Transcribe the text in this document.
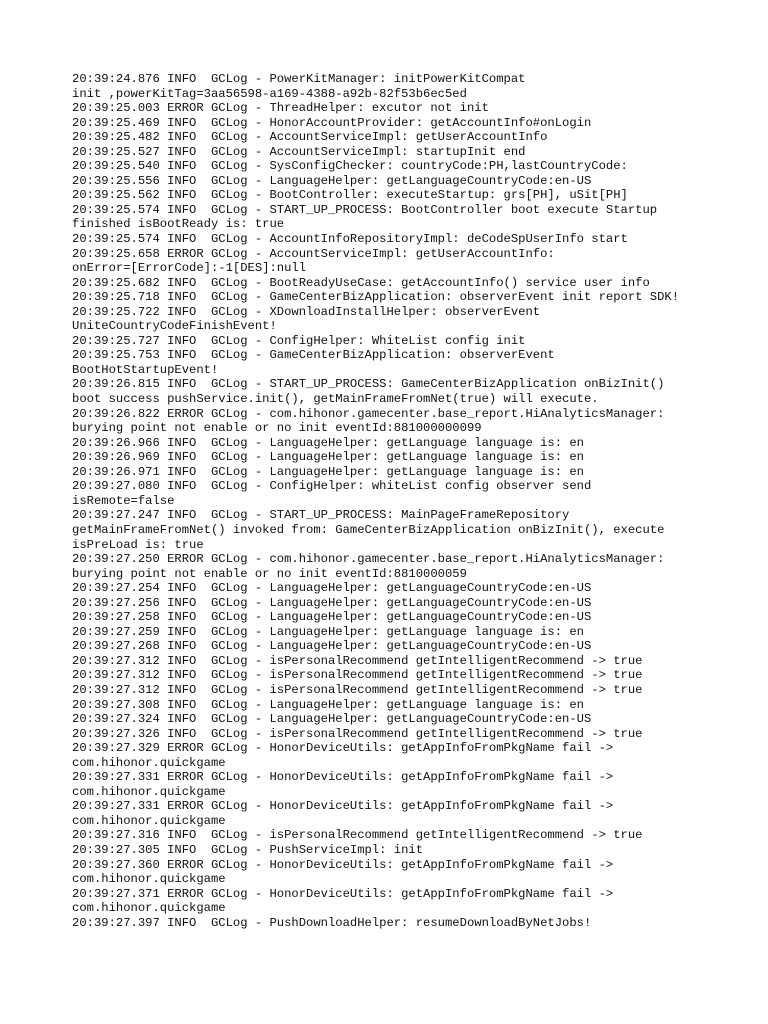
20:39:24.876 INFO  GCLog - PowerKitManager: initPowerKitCompat
init ,powerKitTag=3aa56598-a169-4388-a92b-82f53b6ec5ed
20:39:25.003 ERROR GCLog - ThreadHelper: excutor not init
20:39:25.469 INFO  GCLog - HonorAccountProvider: getAccountInfo#onLogin
20:39:25.482 INFO  GCLog - AccountServiceImpl: getUserAccountInfo
20:39:25.527 INFO  GCLog - AccountServiceImpl: startupInit end
20:39:25.540 INFO  GCLog - SysConfigChecker: countryCode:PH,lastCountryCode:
20:39:25.556 INFO  GCLog - LanguageHelper: getLanguageCountryCode:en-US
20:39:25.562 INFO  GCLog - BootController: executeStartup: grs[PH], uSit[PH]
20:39:25.574 INFO  GCLog - START_UP_PROCESS: BootController boot execute Startup
finished isBootReady is: true
20:39:25.574 INFO  GCLog - AccountInfoRepositoryImpl: deCodeSpUserInfo start
20:39:25.658 ERROR GCLog - AccountServiceImpl: getUserAccountInfo:
onError=[ErrorCode]:-1[DES]:null
20:39:25.682 INFO  GCLog - BootReadyUseCase: getAccountInfo() service user info
20:39:25.718 INFO  GCLog - GameCenterBizApplication: observerEvent init report SDK!
20:39:25.722 INFO  GCLog - XDownloadInstallHelper: observerEvent
UniteCountryCodeFinishEvent!
20:39:25.727 INFO  GCLog - ConfigHelper: WhiteList config init
20:39:25.753 INFO  GCLog - GameCenterBizApplication: observerEvent
BootHotStartupEvent!
20:39:26.815 INFO  GCLog - START_UP_PROCESS: GameCenterBizApplication onBizInit()
boot success pushService.init(), getMainFrameFromNet(true) will execute.
20:39:26.822 ERROR GCLog - com.hihonor.gamecenter.base_report.HiAnalyticsManager:
burying point not enable or no init eventId:881000000099
20:39:26.966 INFO  GCLog - LanguageHelper: getLanguage language is: en
20:39:26.969 INFO  GCLog - LanguageHelper: getLanguage language is: en
20:39:26.971 INFO  GCLog - LanguageHelper: getLanguage language is: en
20:39:27.080 INFO  GCLog - ConfigHelper: whiteList config observer send
isRemote=false
20:39:27.247 INFO  GCLog - START_UP_PROCESS: MainPageFrameRepository
getMainFrameFromNet() invoked from: GameCenterBizApplication onBizInit(), execute
isPreLoad is: true
20:39:27.250 ERROR GCLog - com.hihonor.gamecenter.base_report.HiAnalyticsManager:
burying point not enable or no init eventId:8810000059
20:39:27.254 INFO  GCLog - LanguageHelper: getLanguageCountryCode:en-US
20:39:27.256 INFO  GCLog - LanguageHelper: getLanguageCountryCode:en-US
20:39:27.258 INFO  GCLog - LanguageHelper: getLanguageCountryCode:en-US
20:39:27.259 INFO  GCLog - LanguageHelper: getLanguage language is: en
20:39:27.268 INFO  GCLog - LanguageHelper: getLanguageCountryCode:en-US
20:39:27.312 INFO  GCLog - isPersonalRecommend getIntelligentRecommend -> true
20:39:27.312 INFO  GCLog - isPersonalRecommend getIntelligentRecommend -> true
20:39:27.312 INFO  GCLog - isPersonalRecommend getIntelligentRecommend -> true
20:39:27.308 INFO  GCLog - LanguageHelper: getLanguage language is: en
20:39:27.324 INFO  GCLog - LanguageHelper: getLanguageCountryCode:en-US
20:39:27.326 INFO  GCLog - isPersonalRecommend getIntelligentRecommend -> true
20:39:27.329 ERROR GCLog - HonorDeviceUtils: getAppInfoFromPkgName fail ->
com.hihonor.quickgame
20:39:27.331 ERROR GCLog - HonorDeviceUtils: getAppInfoFromPkgName fail ->
com.hihonor.quickgame
20:39:27.331 ERROR GCLog - HonorDeviceUtils: getAppInfoFromPkgName fail ->
com.hihonor.quickgame
20:39:27.316 INFO  GCLog - isPersonalRecommend getIntelligentRecommend -> true
20:39:27.305 INFO  GCLog - PushServiceImpl: init
20:39:27.360 ERROR GCLog - HonorDeviceUtils: getAppInfoFromPkgName fail ->
com.hihonor.quickgame
20:39:27.371 ERROR GCLog - HonorDeviceUtils: getAppInfoFromPkgName fail ->
com.hihonor.quickgame
20:39:27.397 INFO  GCLog - PushDownloadHelper: resumeDownloadByNetJobs!
